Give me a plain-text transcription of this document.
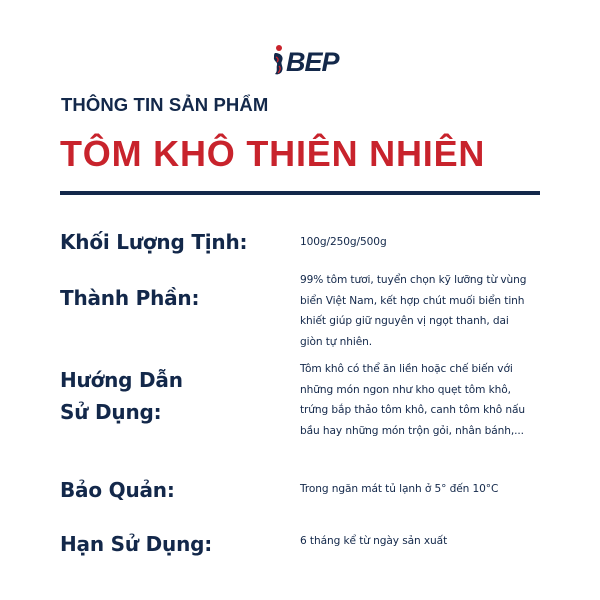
BEP
THÔNG TIN SẢN PHẨM
TÔM KHÔ THIÊN NHIÊN

Khối Lượng Tịnh:	100g/250g/500g

Thành Phần:

99% tôm tươi, tuyển chọn kỹ lưỡng từ vùng biển Việt Nam, kết hợp chút muối biển tinh khiết giúp giữ nguyên vị ngọt thanh, dai giòn tự nhiên.

Hướng Dẫn

Sử Dụng:

Tôm khô có thể ăn liền hoặc chế biến với những món ngon như kho quẹt tôm khô, trứng bắp thảo tôm khô, canh tôm khô nấu bầu hay những món trộn gỏi, nhân bánh,...

Bảo Quản:	Trong ngăn mát tủ lạnh ở 5° đến 10°C

Hạn Sử Dụng:	6 tháng kể từ ngày sản xuất
